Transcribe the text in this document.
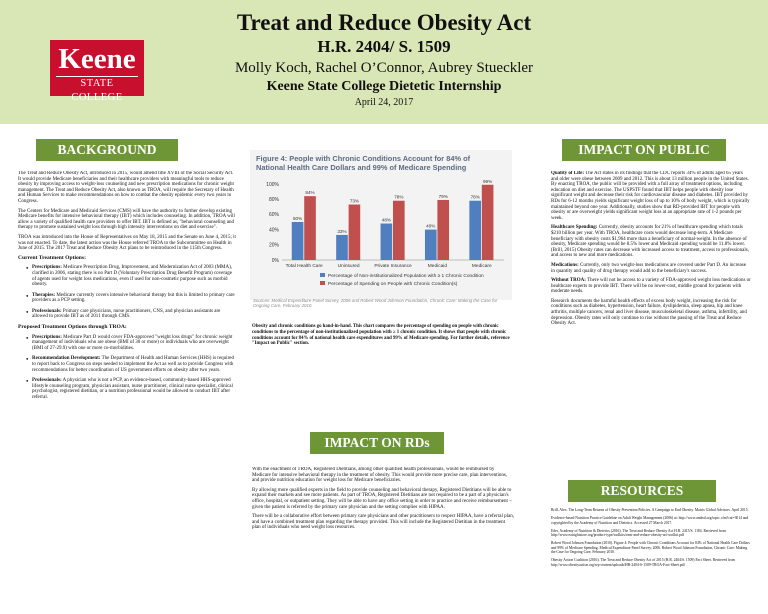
Keene
STATE COLLEGE
Treat and Reduce Obesity Act
H.R. 2404/ S. 1509
Molly Koch, Rachel O’Connor, Aubrey Stueckler
Keene State College Dietetic Internship
April 24, 2017
BACKGROUND

The Treat and Reduce Obesity Act, introduced in 2015, would amend title XVIII of the Social Security Act. It would provide Medicare beneficiaries and their healthcare providers with meaningful tools to reduce obesity by improving access to weight-loss counseling and new prescription medications for chronic weight management. The Treat and Reduce Obesity Act, also known as TROA, will require the Secretary of Health and Human Services to make recommendations on how to combat the obesity epidemic every two years to Congress.

The Centers for Medicare and Medicaid Services (CMS) will have the authority to further develop existing Medicare benefits for intensive behavioral therapy (IBT) which includes counseling. In addition, TROA will allow a variety of qualified health care providers to offer IBT. IBT is defined as, "behavioral counseling and therapy to promote sustained weight loss through high intensity interventions on diet and exercise".

TROA was introduced into the House of Representatives on May 18, 2015 and the Senate on June 4, 2015; it was not enacted. To date, the latest action was the House referred TROA to the Subcommittee on Health in June of 2015. The 2017 Treat and Reduce Obesity Act plans to be reintroduced in the 115th Congress.

Current Treatment Options:
● Prescriptions: Medicare Prescription Drug, Improvement, and Modernization Act of 2003 (MMA), clarified in 2006, stating there is no Part D (Voluntary Prescription Drug Benefit Program) coverage of agents used for weight loss medications, even if used for non-cosmetic purpose such as morbid obesity.
● Therapies: Medicare currently covers intensive behavioral therapy but this is limited to primary care providers as a PCP setting.
● Professionals: Primary care physicians, nurse practitioners, CNS, and physician assistants are allowed to provide IBT as of 2011 through CMS.
Proposed Treatment Options through TROA:
● Prescriptions: Medicare Part D would cover FDA-approved "weight loss drugs" for chronic weight management of individuals who are obese (BMI of 30 or more) or individuals who are overweight (BMI of 27-29.9) with one or more co-morbidities.
● Recommendation Development: The Department of Health and Human Services (HHS) is required to report back to Congress on steps needed to implement the Act as well as to provide Congress with recommendations for better coordination of US government efforts on obesity after two years.
● Professionals: A physician who is not a PCP, an evidence-based, community-based HHS-approved lifestyle counseling program, physician assistant, nurse practitioner, clinical nurse specialist, clinical psychologist, registered dietitian, or a nutrition professional would be allowed to conduct IBT after referral.
Figure 4: People with Chronic Conditions Account for 84% of National Health Care Dollars and 99% of Medicare Spending
0%
20%
40%
60%
80%
100%
50%
84%
Total Health Care
33%
73%
Uninsured
48%
78%
Private Insurance
40%
79%
Medicaid
78%
99%
Medicare
Percentage of Non-institutionalized Population with ≥ 1 Chronic Condition
Percentage of Spending on People with Chronic Condition(s)
Sources: Medical Expenditure Panel Survey, 2006 and Robert Wood Johnson Foundation, Chronic Care: Making the Case for Ongoing Care, February 2010.
Obesity and chronic conditions go hand-in-hand. This chart compares the percentage of spending on people with chronic conditions to the percentage of non-institutionalized population with ≥ 1 chronic condition. It shows that people with chronic conditions account for 84% of national health care expenditures and 99% of Medicare spending. For further details, reference "Impact on Public" section.
IMPACT ON RDs

With the enactment of TROA, Registered Dietitians, among other qualified health professionals, would be reimbursed by Medicare for intensive behavioral therapy in the treatment of obesity. This would provide more precise care, plan interventions, and provide nutrition education for weight loss for Medicare beneficiaries.

By allowing more qualified experts in the field to provide counseling and behavioral therapy, Registered Dietitians will be able to expand their markets and see more patients. As part of TROA, Registered Dietitians are not required to be a part of a physician's office, hospital, or outpatient setting. They will be able to have any office setting in order to practice and receive reimbursement – given the patient is referred by the primary care physician and the setting complies with HIPAA.

There will be a collaborative effort between primary care physicians and other practitioners to respect HIPAA, have a referral plan, and have a combined treatment plan regarding the therapy provided. This will include the Registered Dietitian in the treatment plan of individuals who need weight loss resources.

IMPACT ON PUBLIC

Quality of Life: The Act states in its findings that the CDC reports 34% of adults aged 65 years and older were obese between 2009 and 2012. This is about 13 million people in the United States. By enacting TROA, the public will be provided with a full array of treatment options, including education on diet and exercise. The USPSTF found that IBT helps people with obesity lose significant weight and decrease their risk for cardiovascular disease and diabetes. IBT provided by RDs for 6-12 months yields significant weight loss of up to 10% of body weight, which is typically maintained beyond one year. Additionally, studies show that RD-provided IBT for people with obesity or are overweight yields significant weight loss at an appropriate rate of 1-2 pounds per week.

Healthcare Spending: Currently, obesity accounts for 21% of healthcare spending which totals $210 billion per year. With TROA, healthcare costs would decrease long-term. A Medicare beneficiary with obesity costs $1,964 more than a beneficiary of normal-weight. In the absence of obesity, Medicare spending would be 8.5% lower and Medicaid spending would be 11.8% lower. (Brill, 2015) Obesity rates can decrease with increased access to treatment, access to professionals, and access to new and more medications.

Medications: Currently, only two weight-loss medications are covered under Part D. An increase in quantity and quality of drug therapy would add to the beneficiary's success.

Without TROA: There will not be access to a variety of FDA-approved weight loss medications or healthcare experts to provide IBT. There will be no lower-cost, middle ground for patients with moderate needs.

Research documents the harmful health effects of excess body weight, increasing the risk for conditions such as diabetes, hypertension, heart failure, dyslipidemia, sleep apnea, hip and knee arthritis, multiple cancers, renal and liver disease, musculoskeletal disease, asthma, infertility, and depression. Obesity rates will only continue to rise without the passing of the Treat and Reduce Obesity Act.

RESOURCES

Brill, Alex. The Long-Term Returns of Obesity Prevention Policies. A Campaign to End Obesity. Matrix Global Advisors. April 2015.

Evidence-based Nutrition Practice Guideline on Adult Weight Management (2006) at: http://www.andeal.org/topic.cfm?cat=3014 and copyrighted by the Academy of Nutrition and Dietetics. Accessed 27 March 2017.

Eder, Academy of Nutrition & Dietetics (2016). The Treat and Reduce Obesity Act H.R. 2415/S. 1184. Retrieved from http://www.eatrightstore.org/product-type/toolkits/treat-and-reduce-obesity-act-toolkit.pdf

Robert Wood Johnson Foundation (2010). Figure 4: People with Chronic Conditions Account for 84% of National Health Care Dollars and 99% of Medicare Spending. Medical Expenditure Panel Survey, 2006. Robert Wood Johnson Foundation, Chronic Care: Making the Case for Ongoing Care, February 2010.

Obesity Action Coalition (2016). The Treat and Reduce Obesity Act of 2015 (H.R. 2404/S. 1509) Fact Sheet. Retrieved from http://www.obesityaction.org/wp-content/uploads/HR-2404-S-1509-TROA-Fact-Sheet.pdf
